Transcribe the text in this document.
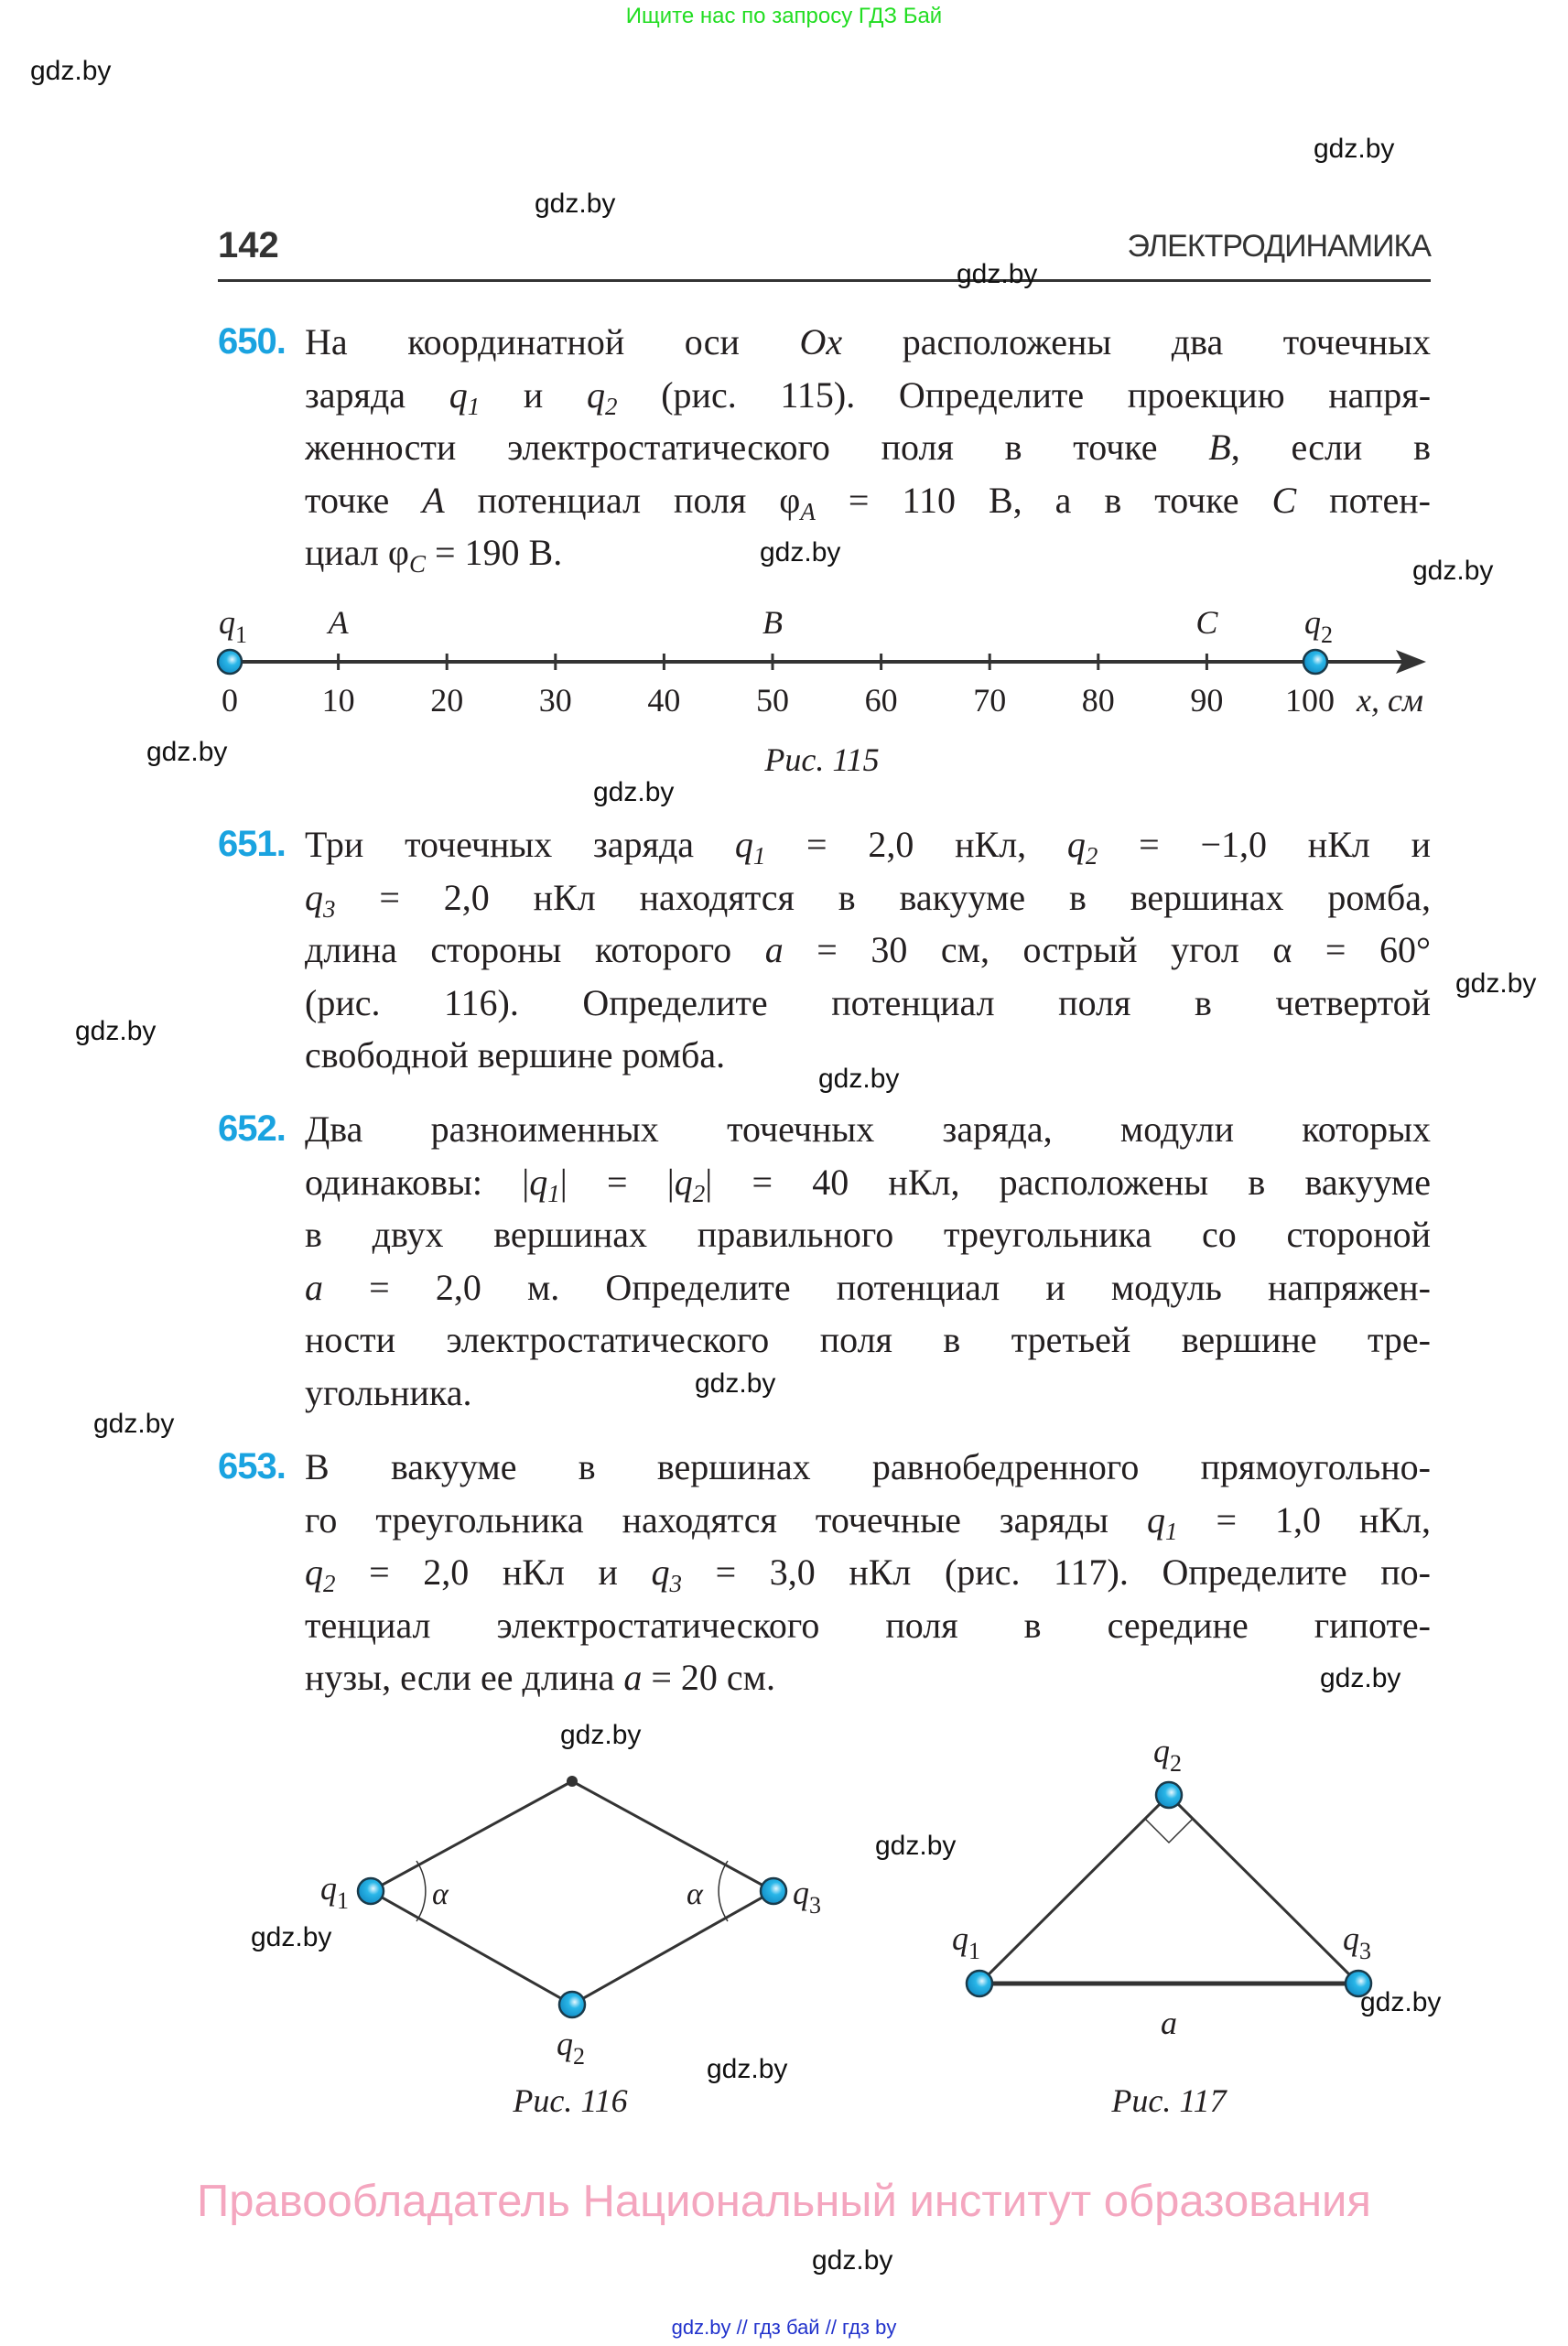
Ищите нас по запросу ГДЗ Бай
142	ЭЛЕКТРОДИНАМИКА
650. На координатной оси Ox расположены два точечных
заряда $q_1$ и $q_2$ (рис. 115). Определите проекцию напря-
женности электростатического поля в точке B, если в
точке A потенциал поля $\varphi_A = 110$ В, а в точке C потен-
циал $\varphi_C = 190$ В.
651. Три точечных заряда $q_1 = 2,0$ нКл, $q_2 = -1,0$ нКл и
$q_3 = 2,0$ нКл находятся в вакууме в вершинах ромба,
длина стороны которого a = 30 см, острый угол α = 60°
(рис. 116). Определите потенциал поля в четвертой
свободной вершине ромба.
652. Два разноименных точечных заряда, модули которых
одинаковы: $|q_1| = |q_2| = 40$ нКл, расположены в вакууме
в двух вершинах правильного треугольника со стороной
a = 2,0 м. Определите потенциал и модуль напряжен-
ности электростатического поля в третьей вершине тре-
угольника.
653. В вакууме в вершинах равнобедренного прямоугольно-
го треугольника находятся точечные заряды $q_1 = 1,0$ нКл,
$q_2 = 2,0$ нКл и $q_3 = 3,0$ нКл (рис. 117). Определите по-
тенциал электростатического поля в середине гипоте-
нузы, если ее длина a = 20 см.
x, см
Рис. 115
0	10 20 30 40 50 60 70 80 90 100
A	B	C
$q_1$	$q_2$
α	α
$q_1$	$q_3$
$q_2$
Рис. 116
$q_2$
$q_1$	$q_3$
a
Рис. 117
Правообладатель Национальный институт образования
gdz.by // гдз бай // гдз by
gdz.by
gdz.by
gdz.by
gdz.by
gdz.by
gdz.by
gdz.by
gdz.by
gdz.by
gdz.by
gdz.by
gdz.by
gdz.by
gdz.by
gdz.by
gdz.by
gdz.by
gdz.by
gdz.by
gdz.by
